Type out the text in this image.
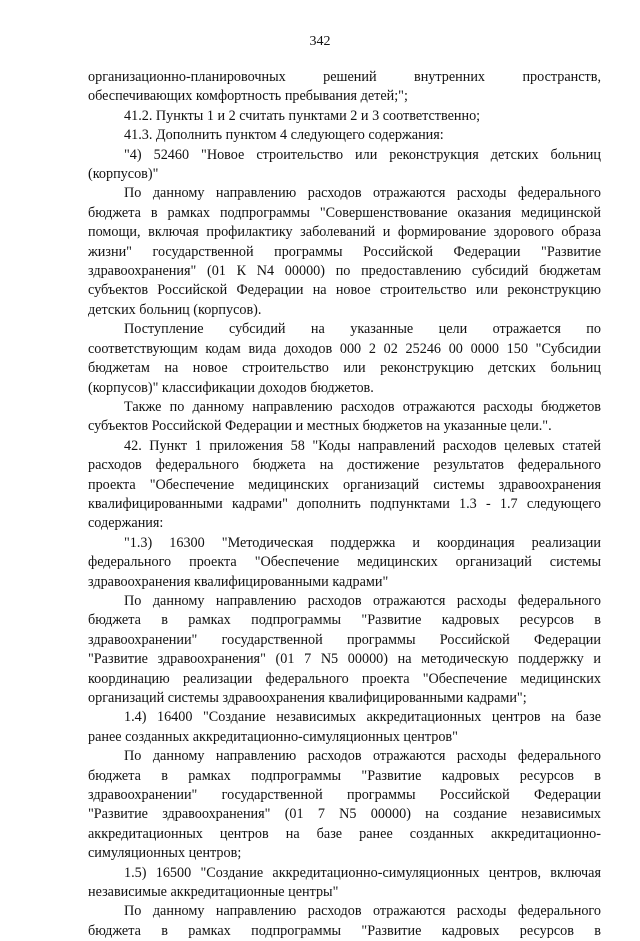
342
организационно-планировочных решений внутренних пространств,
обеспечивающих комфортность пребывания детей;";
41.2. Пункты 1 и 2 считать пунктами 2 и 3 соответственно;
41.3. Дополнить пунктом 4 следующего содержания:
"4) 52460 "Новое строительство или реконструкция детских больниц
(корпусов)"
По данному направлению расходов отражаются расходы федерального
бюджета в рамках подпрограммы "Совершенствование оказания медицинской
помощи, включая профилактику заболеваний и формирование здорового образа
жизни" государственной программы Российской Федерации "Развитие
здравоохранения" (01 К N4 00000) по предоставлению субсидий бюджетам
субъектов Российской Федерации на новое строительство или реконструкцию
детских больниц (корпусов).
Поступление субсидий на указанные цели отражается по
соответствующим кодам вида доходов 000 2 02 25246 00 0000 150 "Субсидии
бюджетам на новое строительство или реконструкцию детских больниц
(корпусов)" классификации доходов бюджетов.
Также по данному направлению расходов отражаются расходы бюджетов
субъектов Российской Федерации и местных бюджетов на указанные цели.".
42. Пункт 1 приложения 58 "Коды направлений расходов целевых статей
расходов федерального бюджета на достижение результатов федерального
проекта "Обеспечение медицинских организаций системы здравоохранения
квалифицированными кадрами" дополнить подпунктами 1.3 - 1.7 следующего
содержания:
"1.3) 16300 "Методическая поддержка и координация реализации
федерального проекта "Обеспечение медицинских организаций системы
здравоохранения квалифицированными кадрами"
По данному направлению расходов отражаются расходы федерального
бюджета в рамках подпрограммы "Развитие кадровых ресурсов в
здравоохранении" государственной программы Российской Федерации
"Развитие здравоохранения" (01 7 N5 00000) на методическую поддержку и
координацию реализации федерального проекта "Обеспечение медицинских
организаций системы здравоохранения квалифицированными кадрами";
1.4) 16400 "Создание независимых аккредитационных центров на базе
ранее созданных аккредитационно-симуляционных центров"
По данному направлению расходов отражаются расходы федерального
бюджета в рамках подпрограммы "Развитие кадровых ресурсов в
здравоохранении" государственной программы Российской Федерации
"Развитие здравоохранения" (01 7 N5 00000) на создание независимых
аккредитационных центров на базе ранее созданных аккредитационно-
симуляционных центров;
1.5) 16500 "Создание аккредитационно-симуляционных центров, включая
независимые аккредитационные центры"
По данному направлению расходов отражаются расходы федерального
бюджета в рамках подпрограммы "Развитие кадровых ресурсов в
